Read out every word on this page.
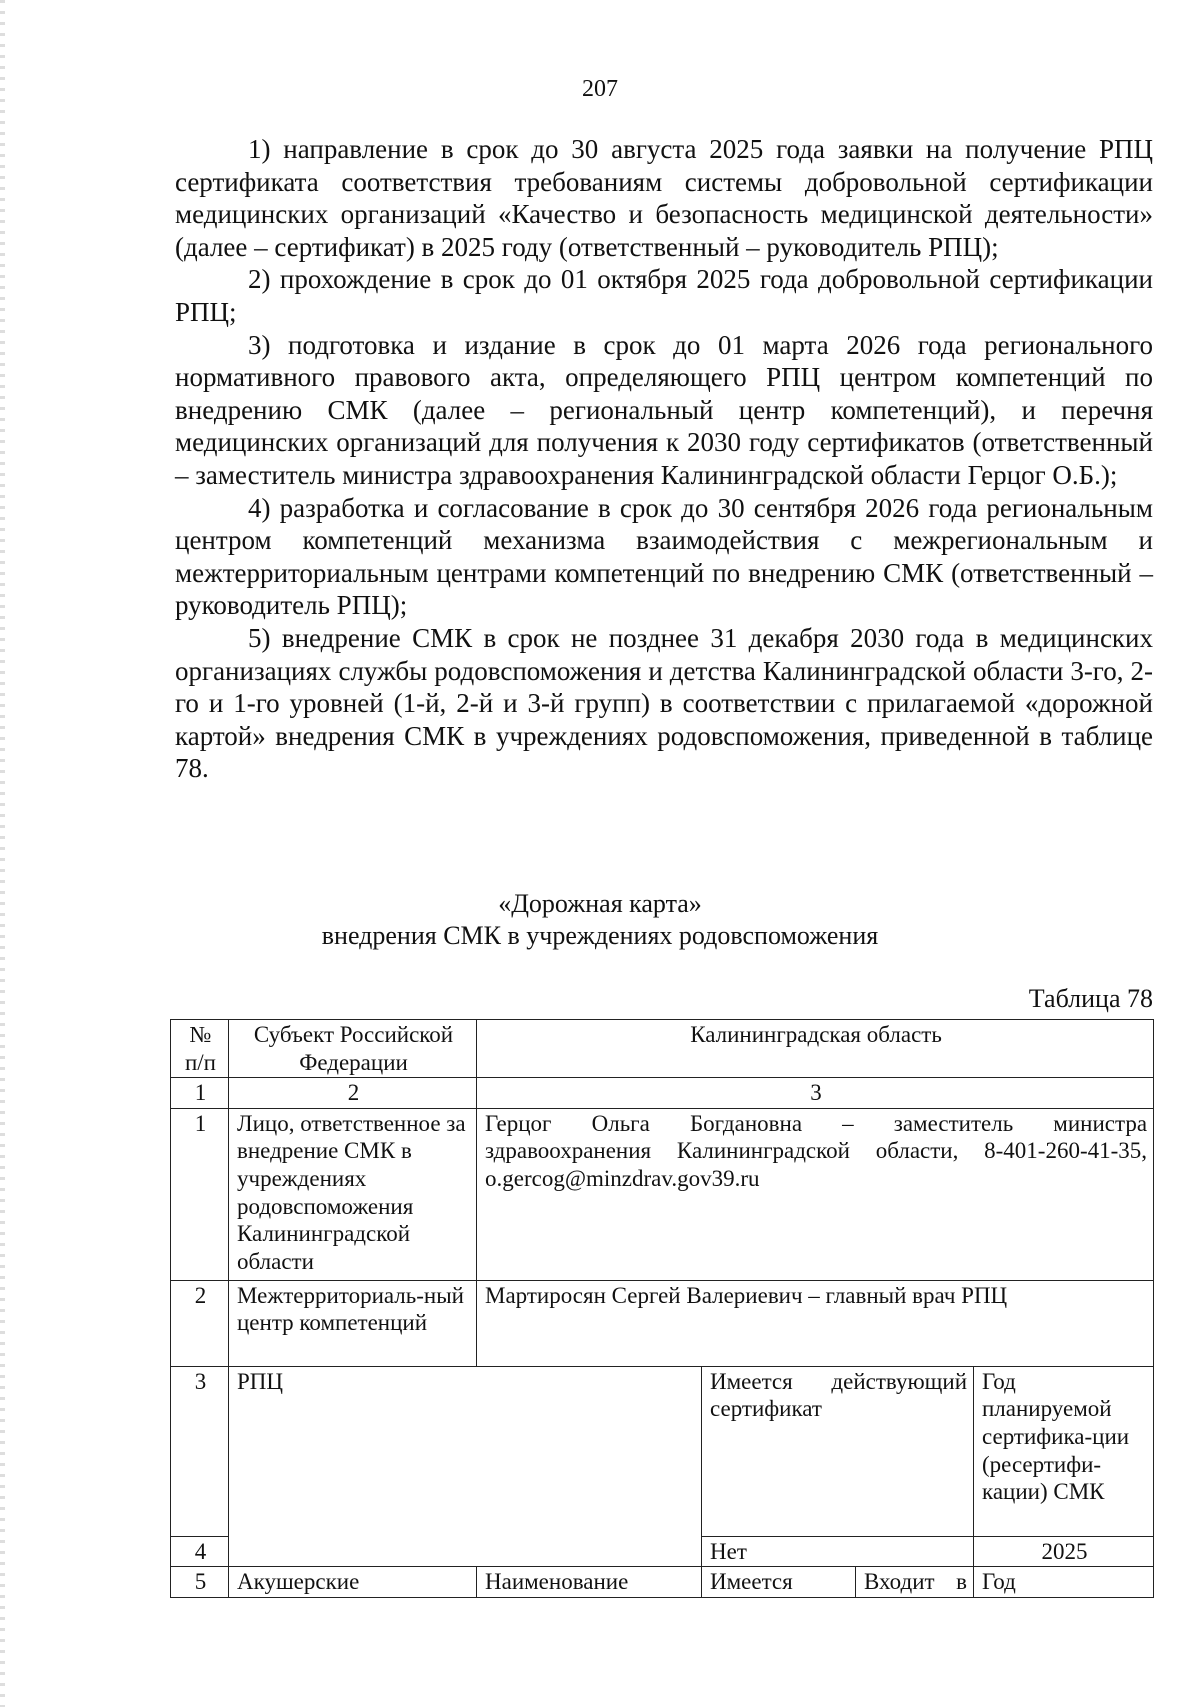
207

1) направление в срок до 30 августа 2025 года заявки на получение РПЦ сертификата соответствия требованиям системы добровольной сертификации медицинских организаций «Качество и безопасность медицинской деятельности» (далее – сертификат) в 2025 году (ответственный – руководитель РПЦ);

2) прохождение в срок до 01 октября 2025 года добровольной сертификации РПЦ;

3) подготовка и издание в срок до 01 марта 2026 года регионального нормативного правового акта, определяющего РПЦ центром компетенций по внедрению СМК (далее – региональный центр компетенций), и перечня медицинских организаций для получения к 2030 году сертификатов (ответственный – заместитель министра здравоохранения Калининградской области Герцог О.Б.);

4) разработка и согласование в срок до 30 сентября 2026 года региональным центром компетенций механизма взаимодействия с межрегиональным и межтерриториальным центрами компетенций по внедрению СМК (ответственный – руководитель РПЦ);

5) внедрение СМК в срок не позднее 31 декабря 2030 года в медицинских организациях службы родовспоможения и детства Калининградской области 3-го, 2-го и 1-го уровней (1-й, 2-й и 3-й групп) в соответствии с прилагаемой «дорожной картой» внедрения СМК в учреждениях родовспоможения, приведенной в таблице 78.

«Дорожная карта»
внедрения СМК в учреждениях родовспоможения
Таблица 78
№ п/п	Субъект Российской Федерации	Калининградская область			
1	2	3			
1	Лицо, ответственное за внедрение СМК в учреждениях родовспоможения Калининградской области	Герцог Ольга Богдановна – заместитель министра здравоохранения Калининградской области, 8-401-260-41-35, o.gercog@minzdrav.gov39.ru			
2	Межтерриториаль-ный центр компетенций	Мартиросян Сергей Валериевич – главный врач РПЦ			
3	РПЦ		Имеется действующий сертификат		Год планируемой сертифика-ции (ресертифи-кации) СМК
4			Нет		2025
5	Акушерские	Наименование	Имеется	Входит в	Год
